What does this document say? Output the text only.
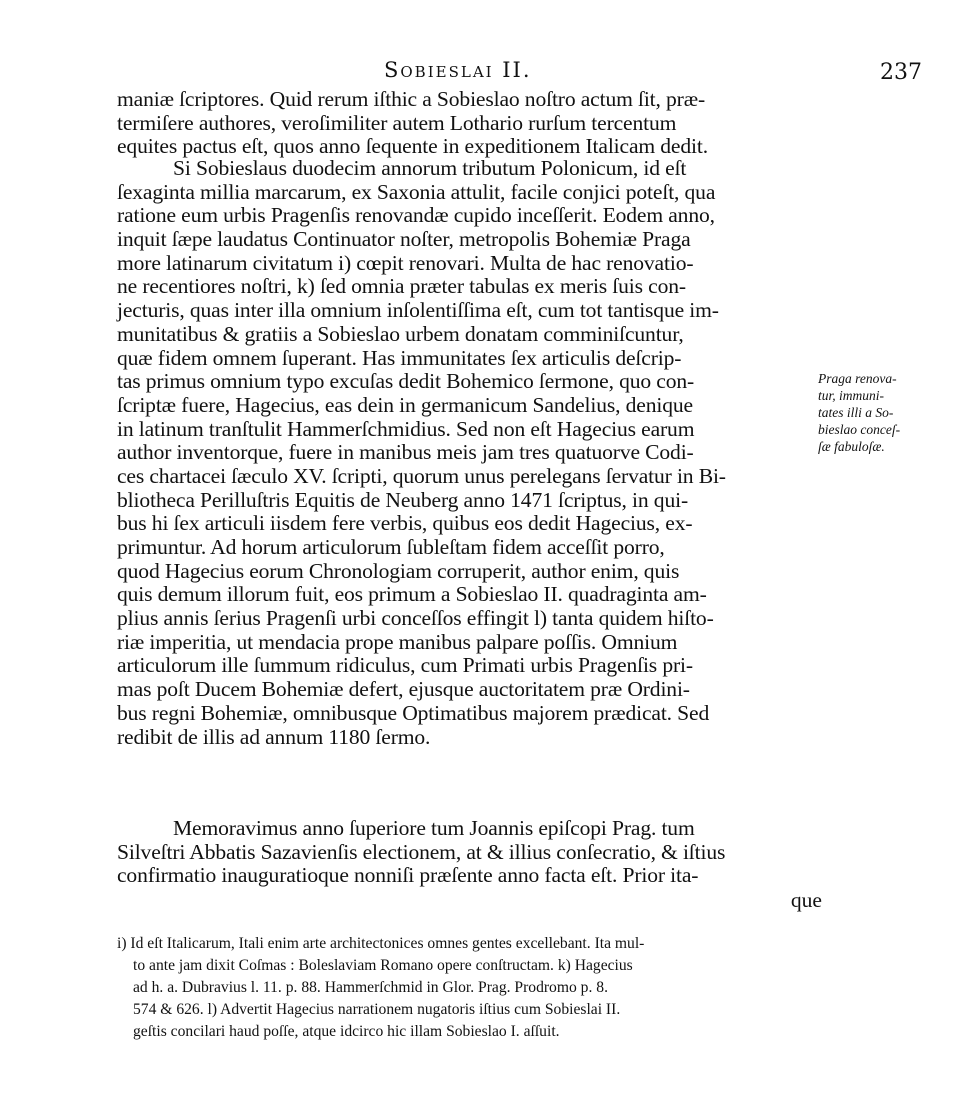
Sobieslai II.	237
maniæ ſcriptores. Quid rerum iſthic a Sobieslao noſtro actum ſit, præ-
termiſere authores, veroſimiliter autem Lothario rurſum tercentum
equites pactus eſt, quos anno ſequente in expeditionem Italicam dedit.
Si Sobieslaus duodecim annorum tributum Polonicum, id eſt
ſexaginta millia marcarum, ex Saxonia attulit, facile conjici poteſt, qua
ratione eum urbis Pragenſis renovandæ cupido inceſſerit. Eodem anno,
inquit ſæpe laudatus Continuator noſter, metropolis Bohemiæ Praga
more latinarum civitatum i) cœpit renovari. Multa de hac renovatio-
ne recentiores noſtri, k) ſed omnia præter tabulas ex meris ſuis con-
jecturis, quas inter illa omnium inſolentiſſima eſt, cum tot tantisque im-
munitatibus & gratiis a Sobieslao urbem donatam comminiſcuntur,
quæ fidem omnem ſuperant. Has immunitates ſex articulis deſcrip-
tas primus omnium typo excuſas dedit Bohemico ſermone, quo con-
ſcriptæ fuere, Hagecius, eas dein in germanicum Sandelius, denique
in latinum tranſtulit Hammerſchmidius. Sed non eſt Hagecius earum
author inventorque, fuere in manibus meis jam tres quatuorve Codi-
ces chartacei ſæculo XV. ſcripti, quorum unus perelegans ſervatur in Bi-
bliotheca Perilluſtris Equitis de Neuberg anno 1471 ſcriptus, in qui-
bus hi ſex articuli iisdem fere verbis, quibus eos dedit Hagecius, ex-
primuntur. Ad horum articulorum ſubleſtam fidem acceſſit porro,
quod Hagecius eorum Chronologiam corruperit, author enim, quis
quis demum illorum fuit, eos primum a Sobieslao II. quadraginta am-
plius annis ſerius Pragenſi urbi conceſſos effingit l) tanta quidem hiſto-
riæ imperitia, ut mendacia prope manibus palpare poſſis. Omnium
articulorum ille ſummum ridiculus, cum Primati urbis Pragenſis pri-
mas poſt Ducem Bohemiæ defert, ejusque auctoritatem præ Ordini-
bus regni Bohemiæ, omnibusque Optimatibus majorem prædicat. Sed
redibit de illis ad annum 1180 ſermo.
Praga renova-
tur, immuni-
tates illi a So-
bieslao conceſ-
ſæ fabuloſæ.
Memoravimus anno ſuperiore tum Joannis epiſcopi Prag. tum
Silveſtri Abbatis Sazavienſis electionem, at & illius conſecratio, & iſtius
confirmatio inauguratioque nonniſi præſente anno facta eſt. Prior ita-
que
i) Id eſt Italicarum, Itali enim arte architectonices omnes gentes excellebant. Ita mul-
to ante jam dixit Coſmas : Boleslaviam Romano opere conſtructam. k) Hagecius
ad h. a. Dubravius l. 11. p. 88. Hammerſchmid in Glor. Prag. Prodromo p. 8.
574 & 626. l) Advertit Hagecius narrationem nugatoris iſtius cum Sobieslai II.
geſtis concilari haud poſſe, atque idcirco hic illam Sobieslao I. aſſuit.
